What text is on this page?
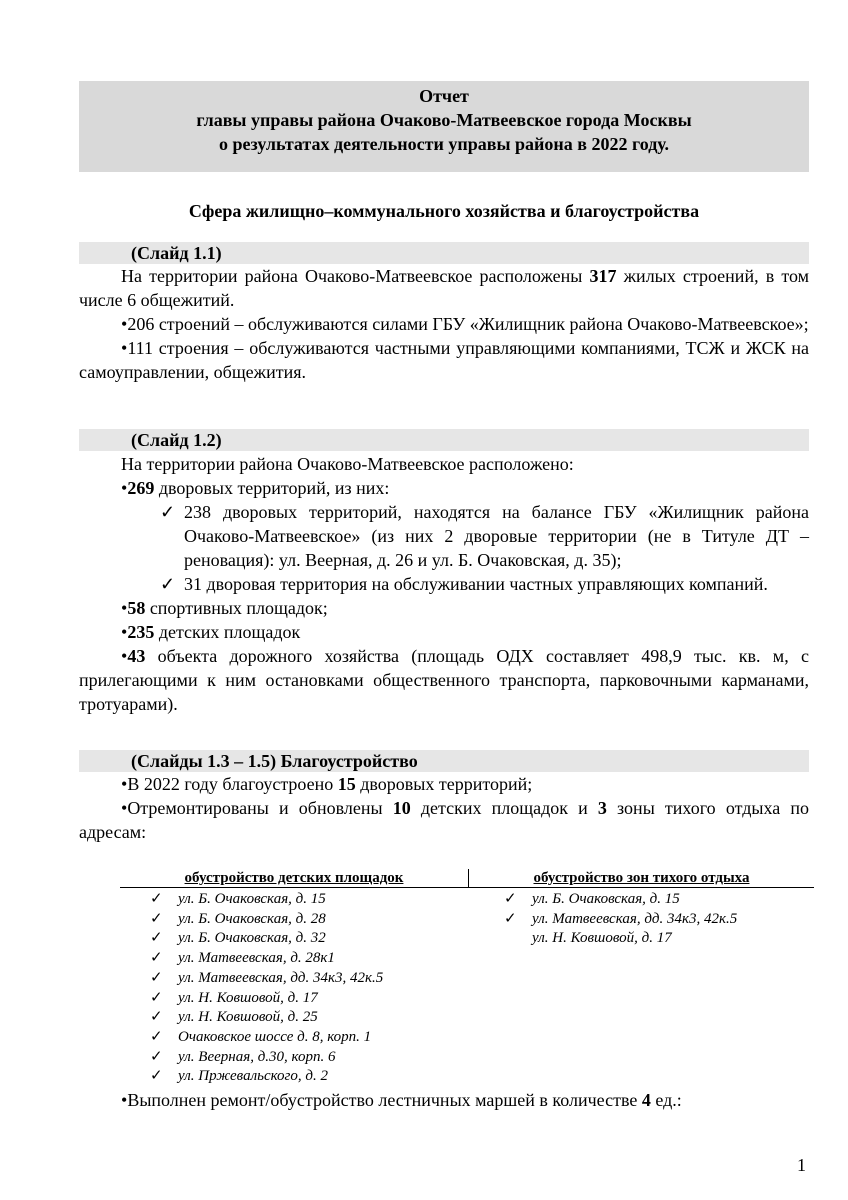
Отчет
главы управы района Очаково-Матвеевское города Москвы
о результатах деятельности управы района в 2022 году.
Сфера жилищно–коммунального хозяйства и благоустройства
(Слайд 1.1)

На территории района Очаково-Матвеевское расположены 317 жилых строений, в том числе 6 общежитий.

•206 строений – обслуживаются силами ГБУ «Жилищник района Очаково-Матвеевское»;

•111 строения – обслуживаются частными управляющими компаниями, ТСЖ и ЖСК на самоуправлении, общежития.

(Слайд 1.2)

На территории района Очаково-Матвеевское расположено:

•269 дворовых территорий, из них:

✓ 238 дворовых территорий, находятся на балансе ГБУ «Жилищник района Очаково-Матвеевское» (из них 2 дворовые территории (не в Титуле ДТ – реновация): ул. Веерная, д. 26 и ул. Б. Очаковская, д. 35);
✓ 31 дворовая территория на обслуживании частных управляющих компаний.

•58 спортивных площадок;

•235 детских площадок

•43 объекта дорожного хозяйства (площадь ОДХ составляет 498,9 тыс. кв. м, с прилегающими к ним остановками общественного транспорта, парковочными карманами, тротуарами).

(Слайды 1.3 – 1.5) Благоустройство

•В 2022 году благоустроено 15 дворовых территорий;

•Отремонтированы и обновлены 10 детских площадок и 3 зоны тихого отдыха по адресам:

обустройство детских площадок	обустройство зон тихого отдыха
✓ ул. Б. Очаковская, д. 15
✓ ул. Б. Очаковская, д. 28
✓ ул. Б. Очаковская, д. 32
✓ ул. Матвеевская, д. 28к1
✓ ул. Матвеевская, дд. 34к3, 42к.5
✓ ул. Н. Ковшовой, д. 17
✓ ул. Н. Ковшовой, д. 25
✓ Очаковское шоссе д. 8, корп. 1
✓ ул. Веерная, д.30, корп. 6
✓ ул. Пржевальского, д. 2
✓ ул. Б. Очаковская, д. 15
✓ ул. Матвеевская, дд. 34к3, 42к.5
ул. Н. Ковшовой, д. 17

•Выполнен ремонт/обустройство лестничных маршей в количестве 4 ед.:

1
